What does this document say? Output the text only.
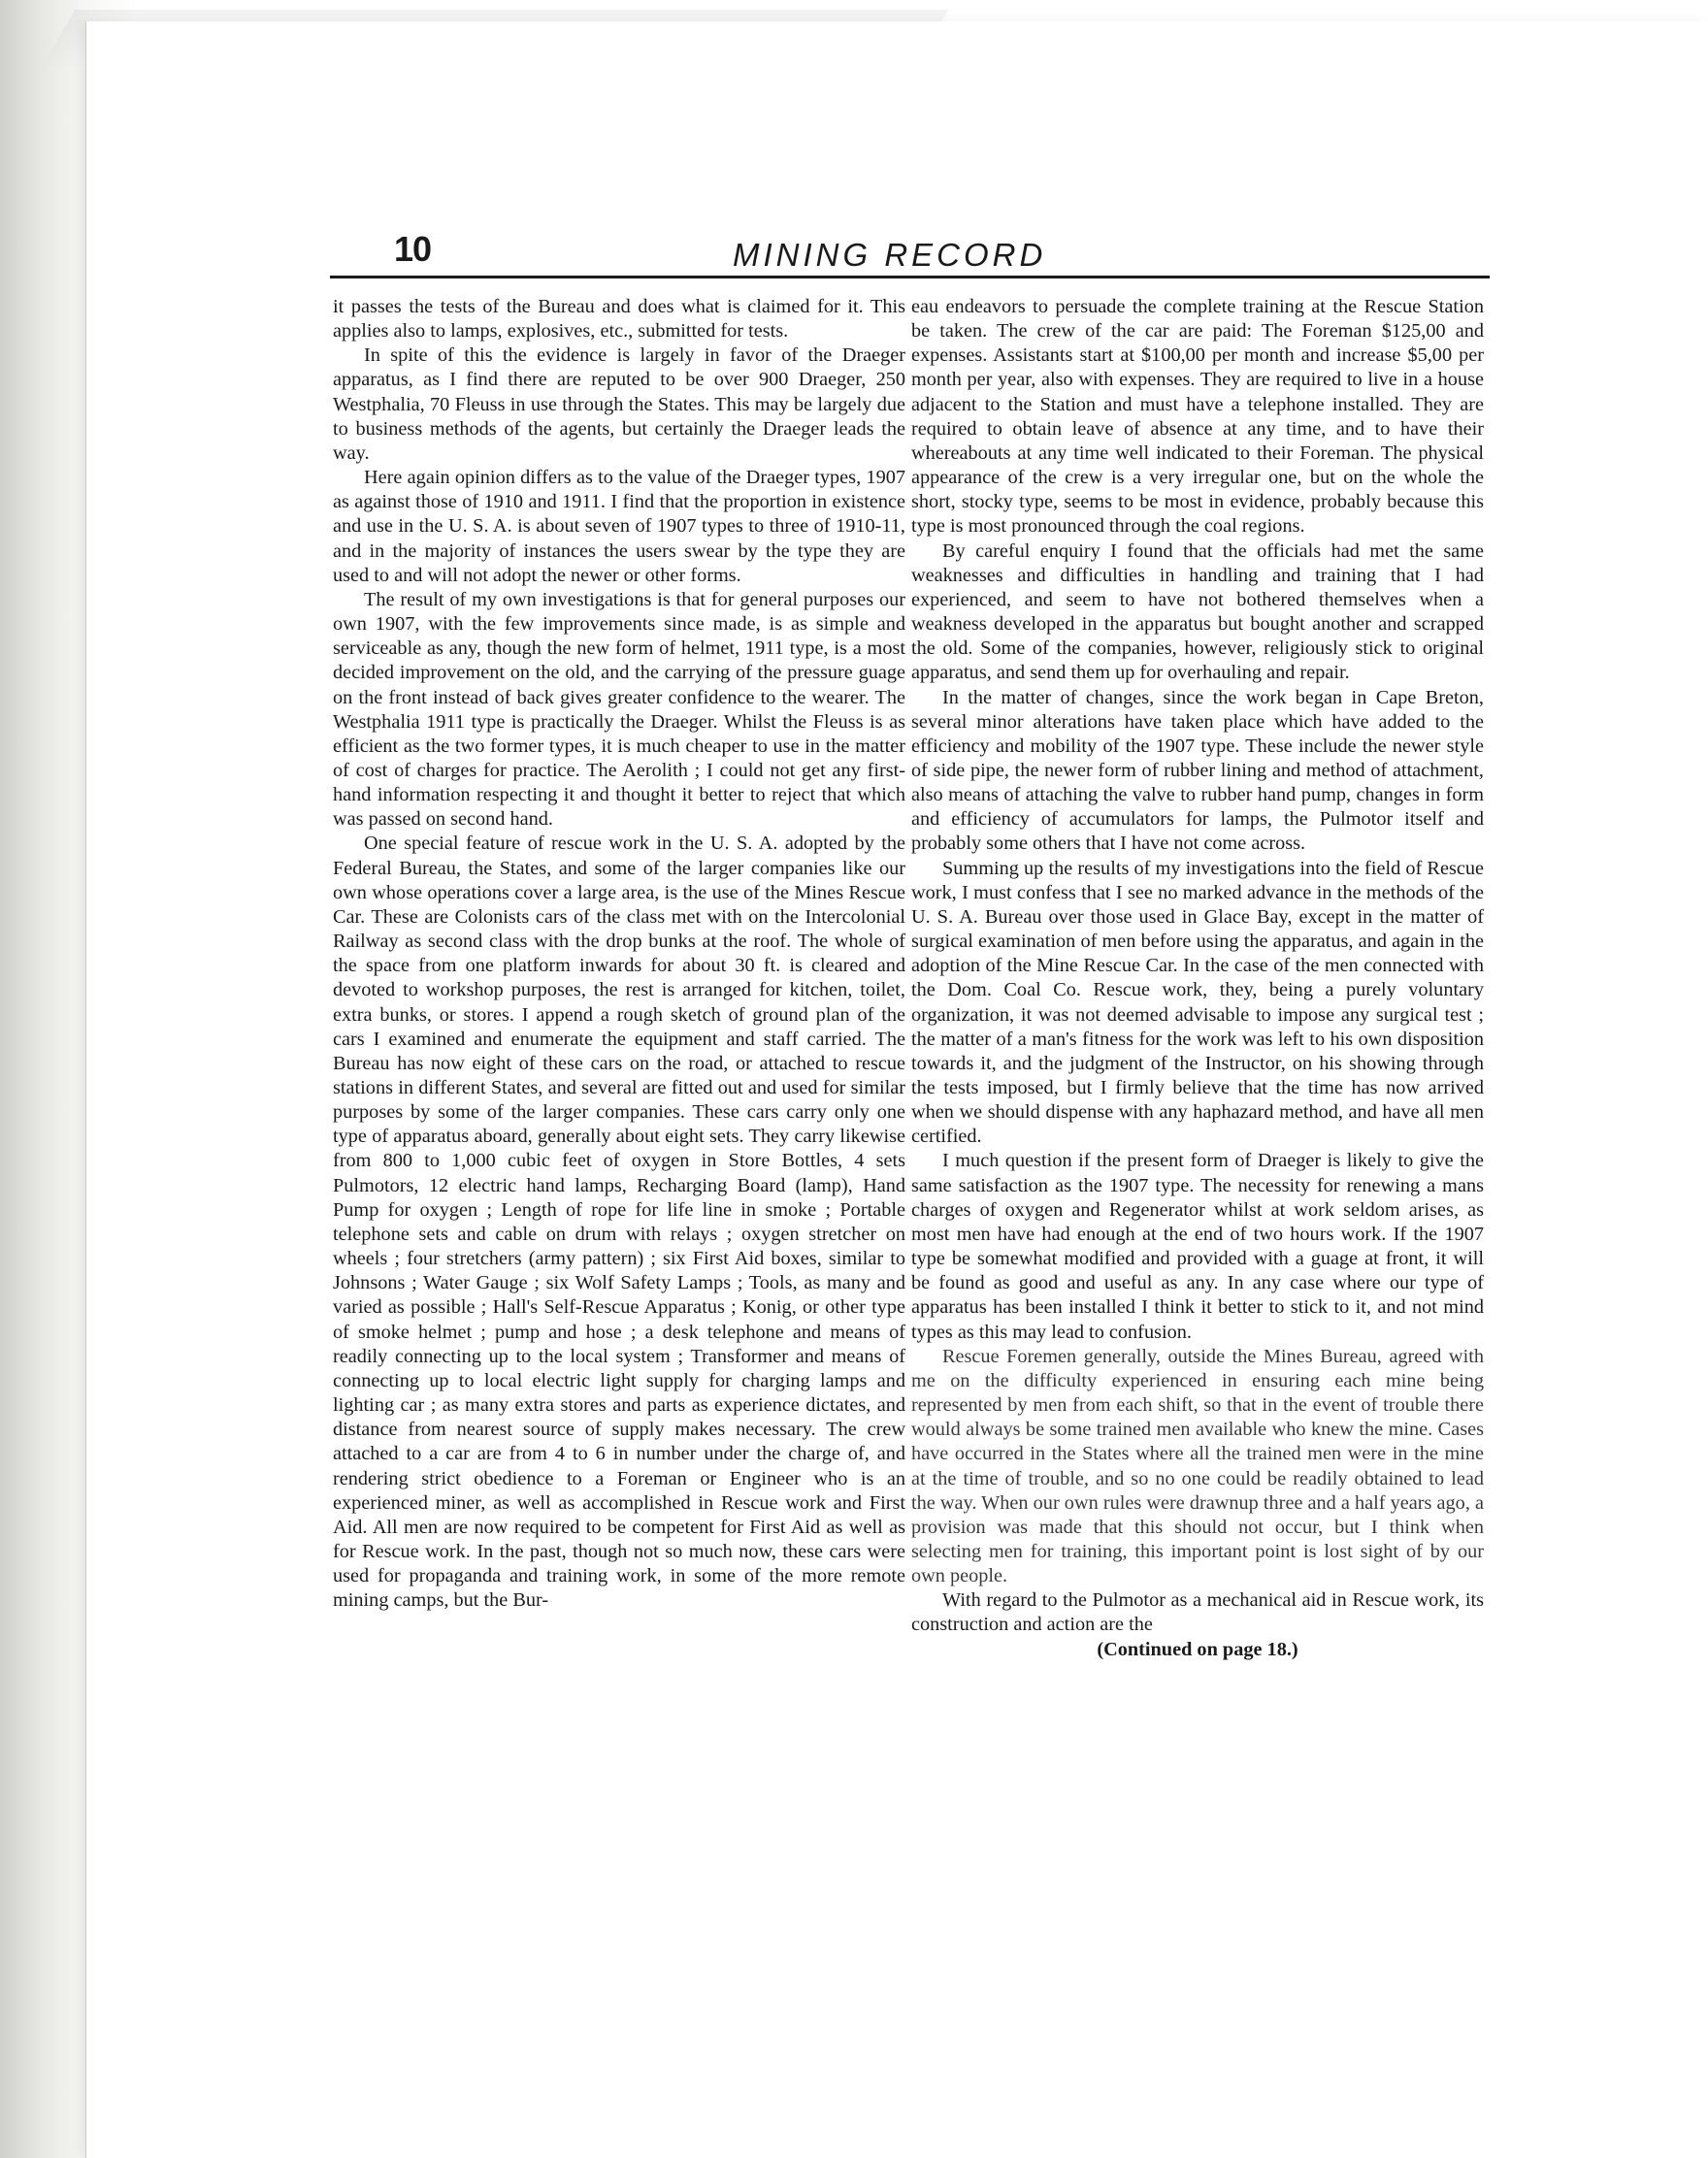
10	MINING RECORD

it passes the tests of the Bureau and does what is claimed for it. This applies also to lamps, explosives, etc., submitted for tests.

In spite of this the evidence is largely in favor of the Draeger apparatus, as I find there are reputed to be over 900 Draeger, 250 Westphalia, 70 Fleuss in use through the States. This may be largely due to business methods of the agents, but certainly the Draeger leads the way.

Here again opinion differs as to the value of the Draeger types, 1907 as against those of 1910 and 1911. I find that the proportion in existence and use in the U. S. A. is about seven of 1907 types to three of 1910-11, and in the majority of instances the users swear by the type they are used to and will not adopt the newer or other forms.

The result of my own investigations is that for general purposes our own 1907, with the few improvements since made, is as simple and serviceable as any, though the new form of helmet, 1911 type, is a most decided improvement on the old, and the carrying of the pressure guage on the front instead of back gives greater confidence to the wearer. The Westphalia 1911 type is practically the Draeger. Whilst the Fleuss is as efficient as the two former types, it is much cheaper to use in the matter of cost of charges for practice. The Aerolith ; I could not get any first-hand information respecting it and thought it better to reject that which was passed on second hand.

One special feature of rescue work in the U. S. A. adopted by the Federal Bureau, the States, and some of the larger companies like our own whose operations cover a large area, is the use of the Mines Rescue Car. These are Colonists cars of the class met with on the Intercolonial Railway as second class with the drop bunks at the roof. The whole of the space from one platform inwards for about 30 ft. is cleared and devoted to workshop purposes, the rest is arranged for kitchen, toilet, extra bunks, or stores. I append a rough sketch of ground plan of the cars I examined and enumerate the equipment and staff carried. The Bureau has now eight of these cars on the road, or attached to rescue stations in different States, and several are fitted out and used for similar purposes by some of the larger companies. These cars carry only one type of apparatus aboard, generally about eight sets. They carry likewise from 800 to 1,000 cubic feet of oxygen in Store Bottles, 4 sets Pulmotors, 12 electric hand lamps, Recharging Board (lamp), Hand Pump for oxygen ; Length of rope for life line in smoke ; Portable telephone sets and cable on drum with relays ; oxygen stretcher on wheels ; four stretchers (army pattern) ; six First Aid boxes, similar to Johnsons ; Water Gauge ; six Wolf Safety Lamps ; Tools, as many and varied as possible ; Hall's Self-Rescue Apparatus ; Konig, or other type of smoke helmet ; pump and hose ; a desk telephone and means of readily connecting up to the local system ; Transformer and means of connecting up to local electric light supply for charging lamps and lighting car ; as many extra stores and parts as experience dictates, and distance from nearest source of supply makes necessary. The crew attached to a car are from 4 to 6 in number under the charge of, and rendering strict obedience to a Foreman or Engineer who is an experienced miner, as well as accomplished in Rescue work and First Aid. All men are now required to be competent for First Aid as well as for Rescue work. In the past, though not so much now, these cars were used for propaganda and training work, in some of the more remote mining camps, but the Bur-

eau endeavors to persuade the complete training at the Rescue Station be taken. The crew of the car are paid: The Foreman $125,00 and expenses. Assistants start at $100,00 per month and increase $5,00 per month per year, also with expenses. They are required to live in a house adjacent to the Station and must have a telephone installed. They are required to obtain leave of absence at any time, and to have their whereabouts at any time well indicated to their Foreman. The physical appearance of the crew is a very irregular one, but on the whole the short, stocky type, seems to be most in evidence, probably because this type is most pronounced through the coal regions.

By careful enquiry I found that the officials had met the same weaknesses and difficulties in handling and training that I had experienced, and seem to have not bothered themselves when a weakness developed in the apparatus but bought another and scrapped the old. Some of the companies, however, religiously stick to original apparatus, and send them up for overhauling and repair.

In the matter of changes, since the work began in Cape Breton, several minor alterations have taken place which have added to the efficiency and mobility of the 1907 type. These include the newer style of side pipe, the newer form of rubber lining and method of attachment, also means of attaching the valve to rubber hand pump, changes in form and efficiency of accumulators for lamps, the Pulmotor itself and probably some others that I have not come across.

Summing up the results of my investigations into the field of Rescue work, I must confess that I see no marked advance in the methods of the U. S. A. Bureau over those used in Glace Bay, except in the matter of surgical examination of men before using the apparatus, and again in the adoption of the Mine Rescue Car. In the case of the men connected with the Dom. Coal Co. Rescue work, they, being a purely voluntary organization, it was not deemed advisable to impose any surgical test ; the matter of a man's fitness for the work was left to his own disposition towards it, and the judgment of the Instructor, on his showing through the tests imposed, but I firmly believe that the time has now arrived when we should dispense with any haphazard method, and have all men certified.

I much question if the present form of Draeger is likely to give the same satisfaction as the 1907 type. The necessity for renewing a mans charges of oxygen and Regenerator whilst at work seldom arises, as most men have had enough at the end of two hours work. If the 1907 type be somewhat modified and provided with a guage at front, it will be found as good and useful as any. In any case where our type of apparatus has been installed I think it better to stick to it, and not mind types as this may lead to confusion.

Rescue Foremen generally, outside the Mines Bureau, agreed with me on the difficulty experienced in ensuring each mine being represented by men from each shift, so that in the event of trouble there would always be some trained men available who knew the mine. Cases have occurred in the States where all the trained men were in the mine at the time of trouble, and so no one could be readily obtained to lead the way. When our own rules were drawnup three and a half years ago, a provision was made that this should not occur, but I think when selecting men for training, this important point is lost sight of by our own people.

With regard to the Pulmotor as a mechanical aid in Rescue work, its construction and action are the

(Continued on page 18.)
